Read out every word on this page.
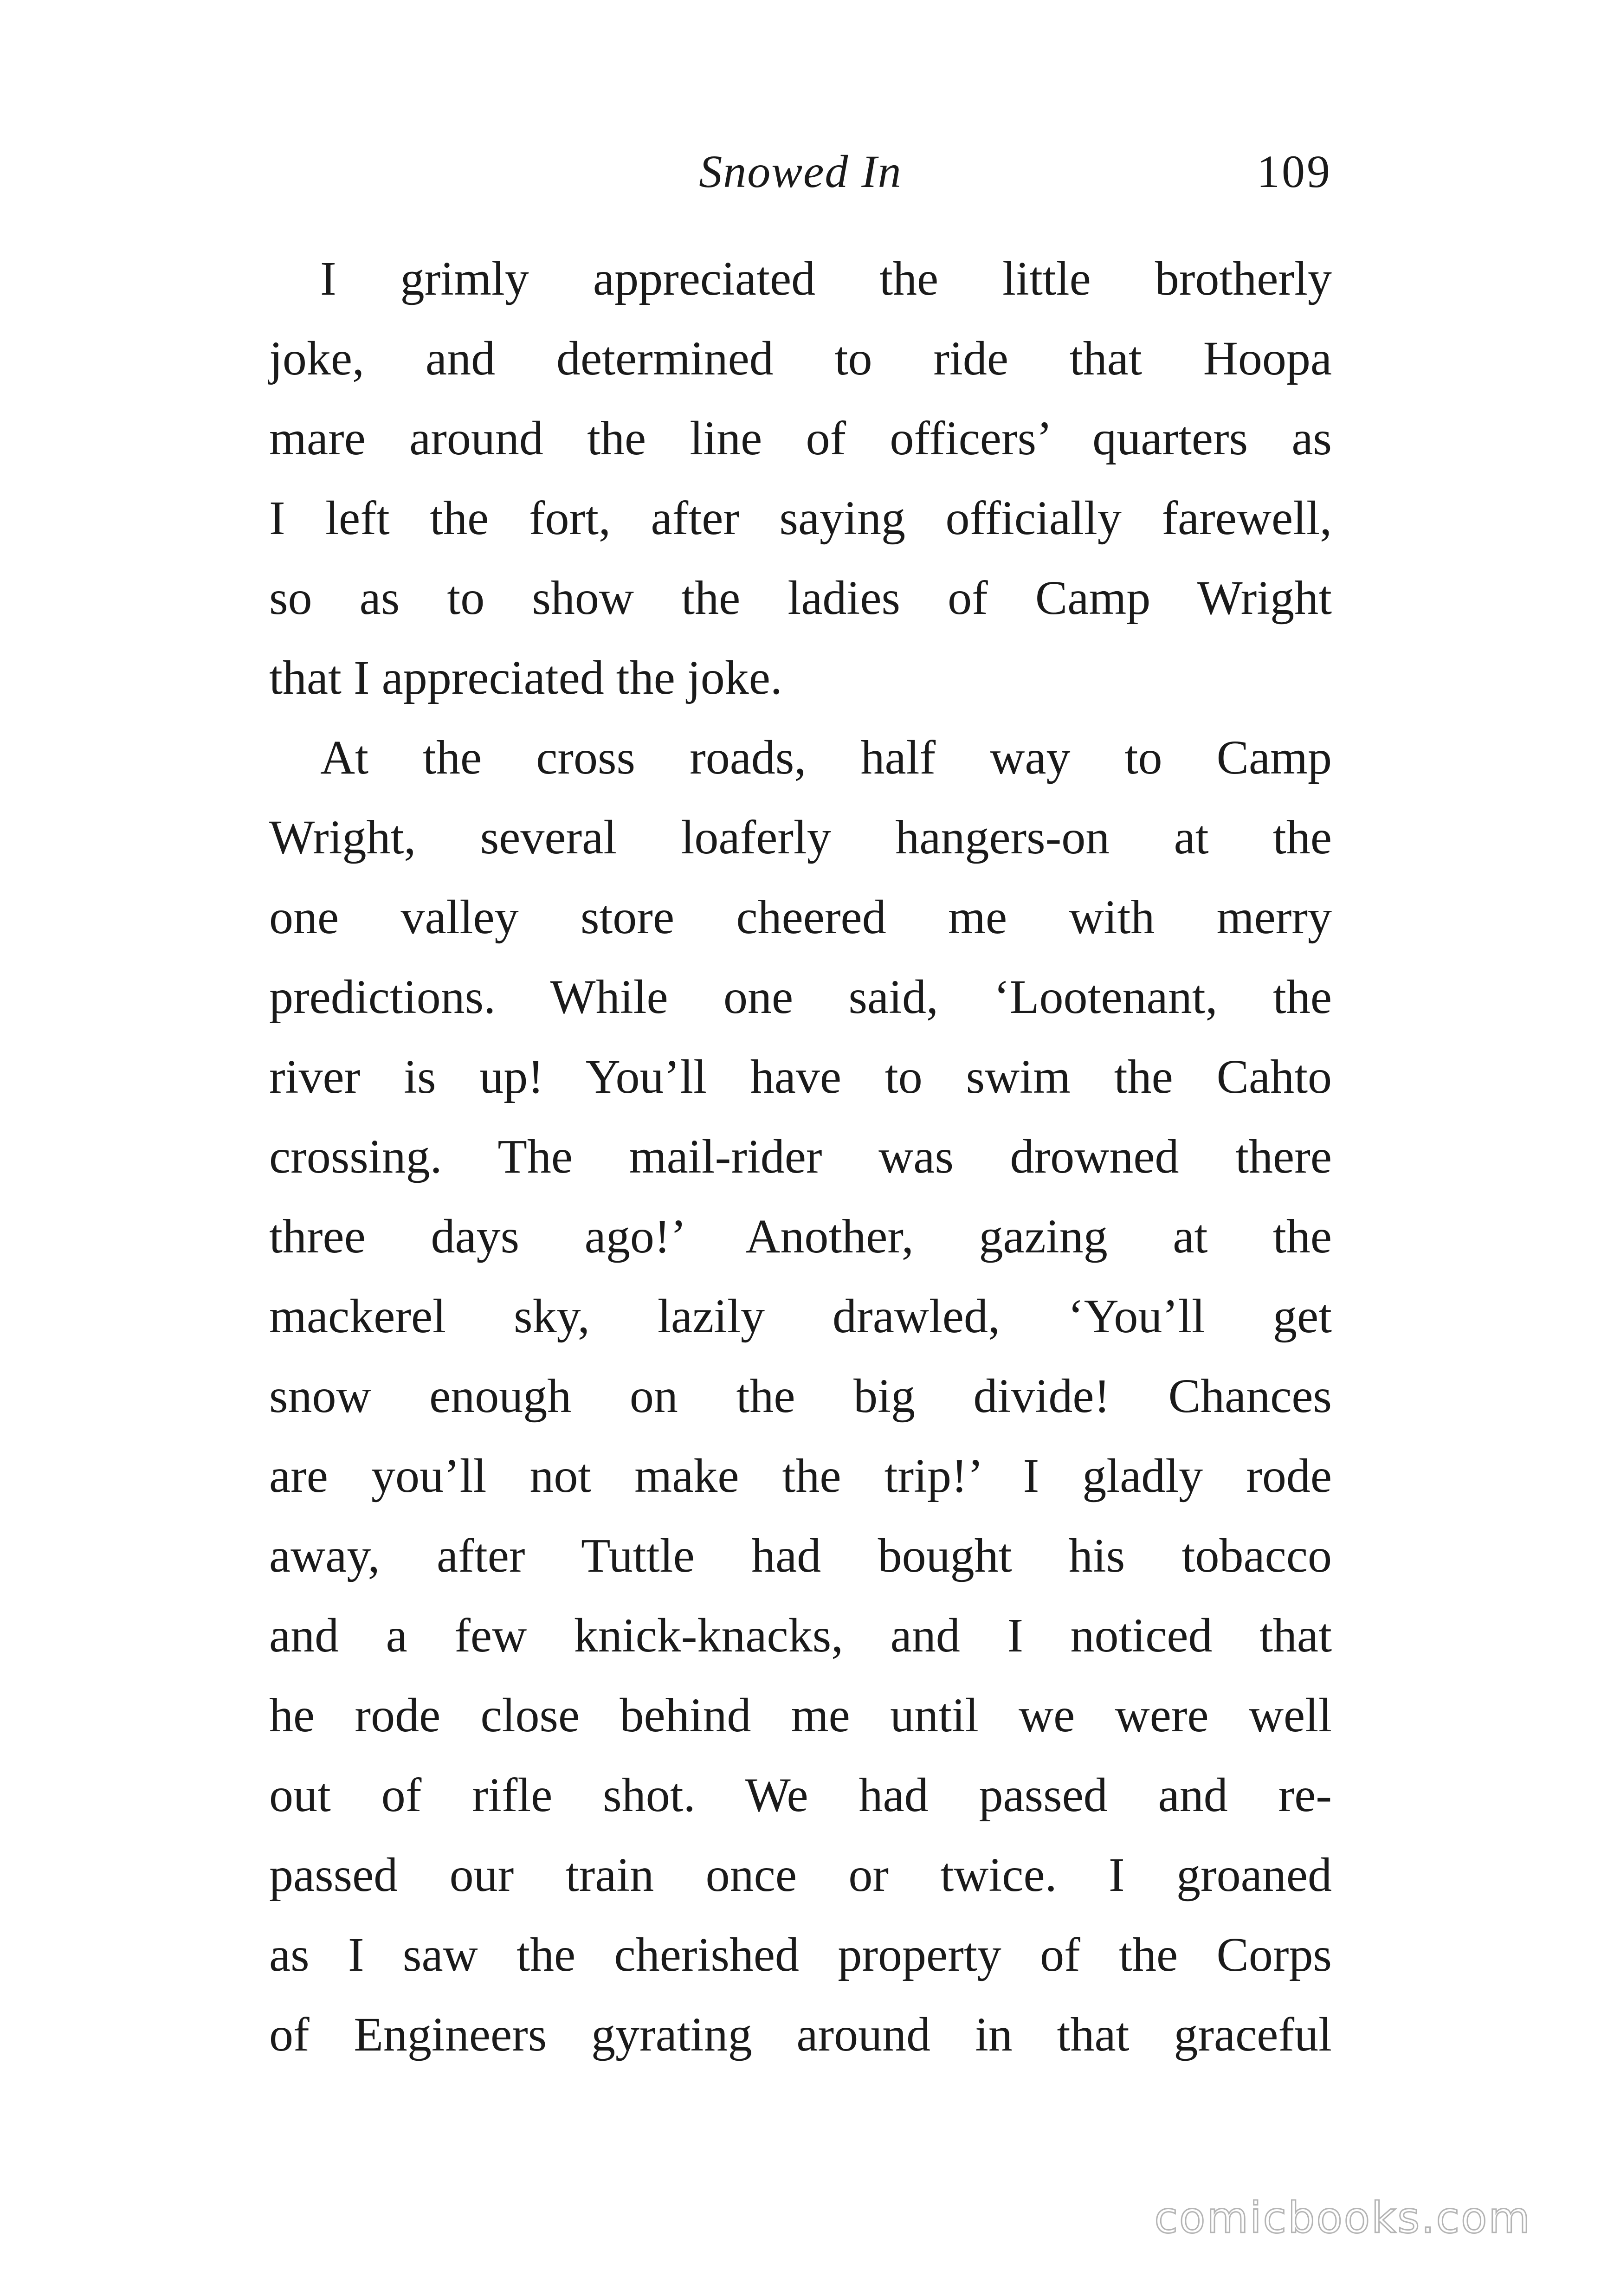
Snowed In	109
I grimly appreciated the little brotherly
joke, and determined to ride that Hoopa
mare around the line of officers’ quarters as
I left the fort, after saying officially farewell,
so as to show the ladies of Camp Wright
that I appreciated the joke.
At the cross roads, half way to Camp
Wright, several loaferly hangers-on at the
one valley store cheered me with merry
predictions. While one said, ‘Lootenant, the
river is up! You’ll have to swim the Cahto
crossing. The mail-rider was drowned there
three days ago!’ Another, gazing at the
mackerel sky, lazily drawled, ‘You’ll get
snow enough on the big divide! Chances
are you’ll not make the trip!’ I gladly rode
away, after Tuttle had bought his tobacco
and a few knick-knacks, and I noticed that
he rode close behind me until we were well
out of rifle shot. We had passed and re-
passed our train once or twice. I groaned
as I saw the cherished property of the Corps
of Engineers gyrating around in that graceful
comicbooks.com
